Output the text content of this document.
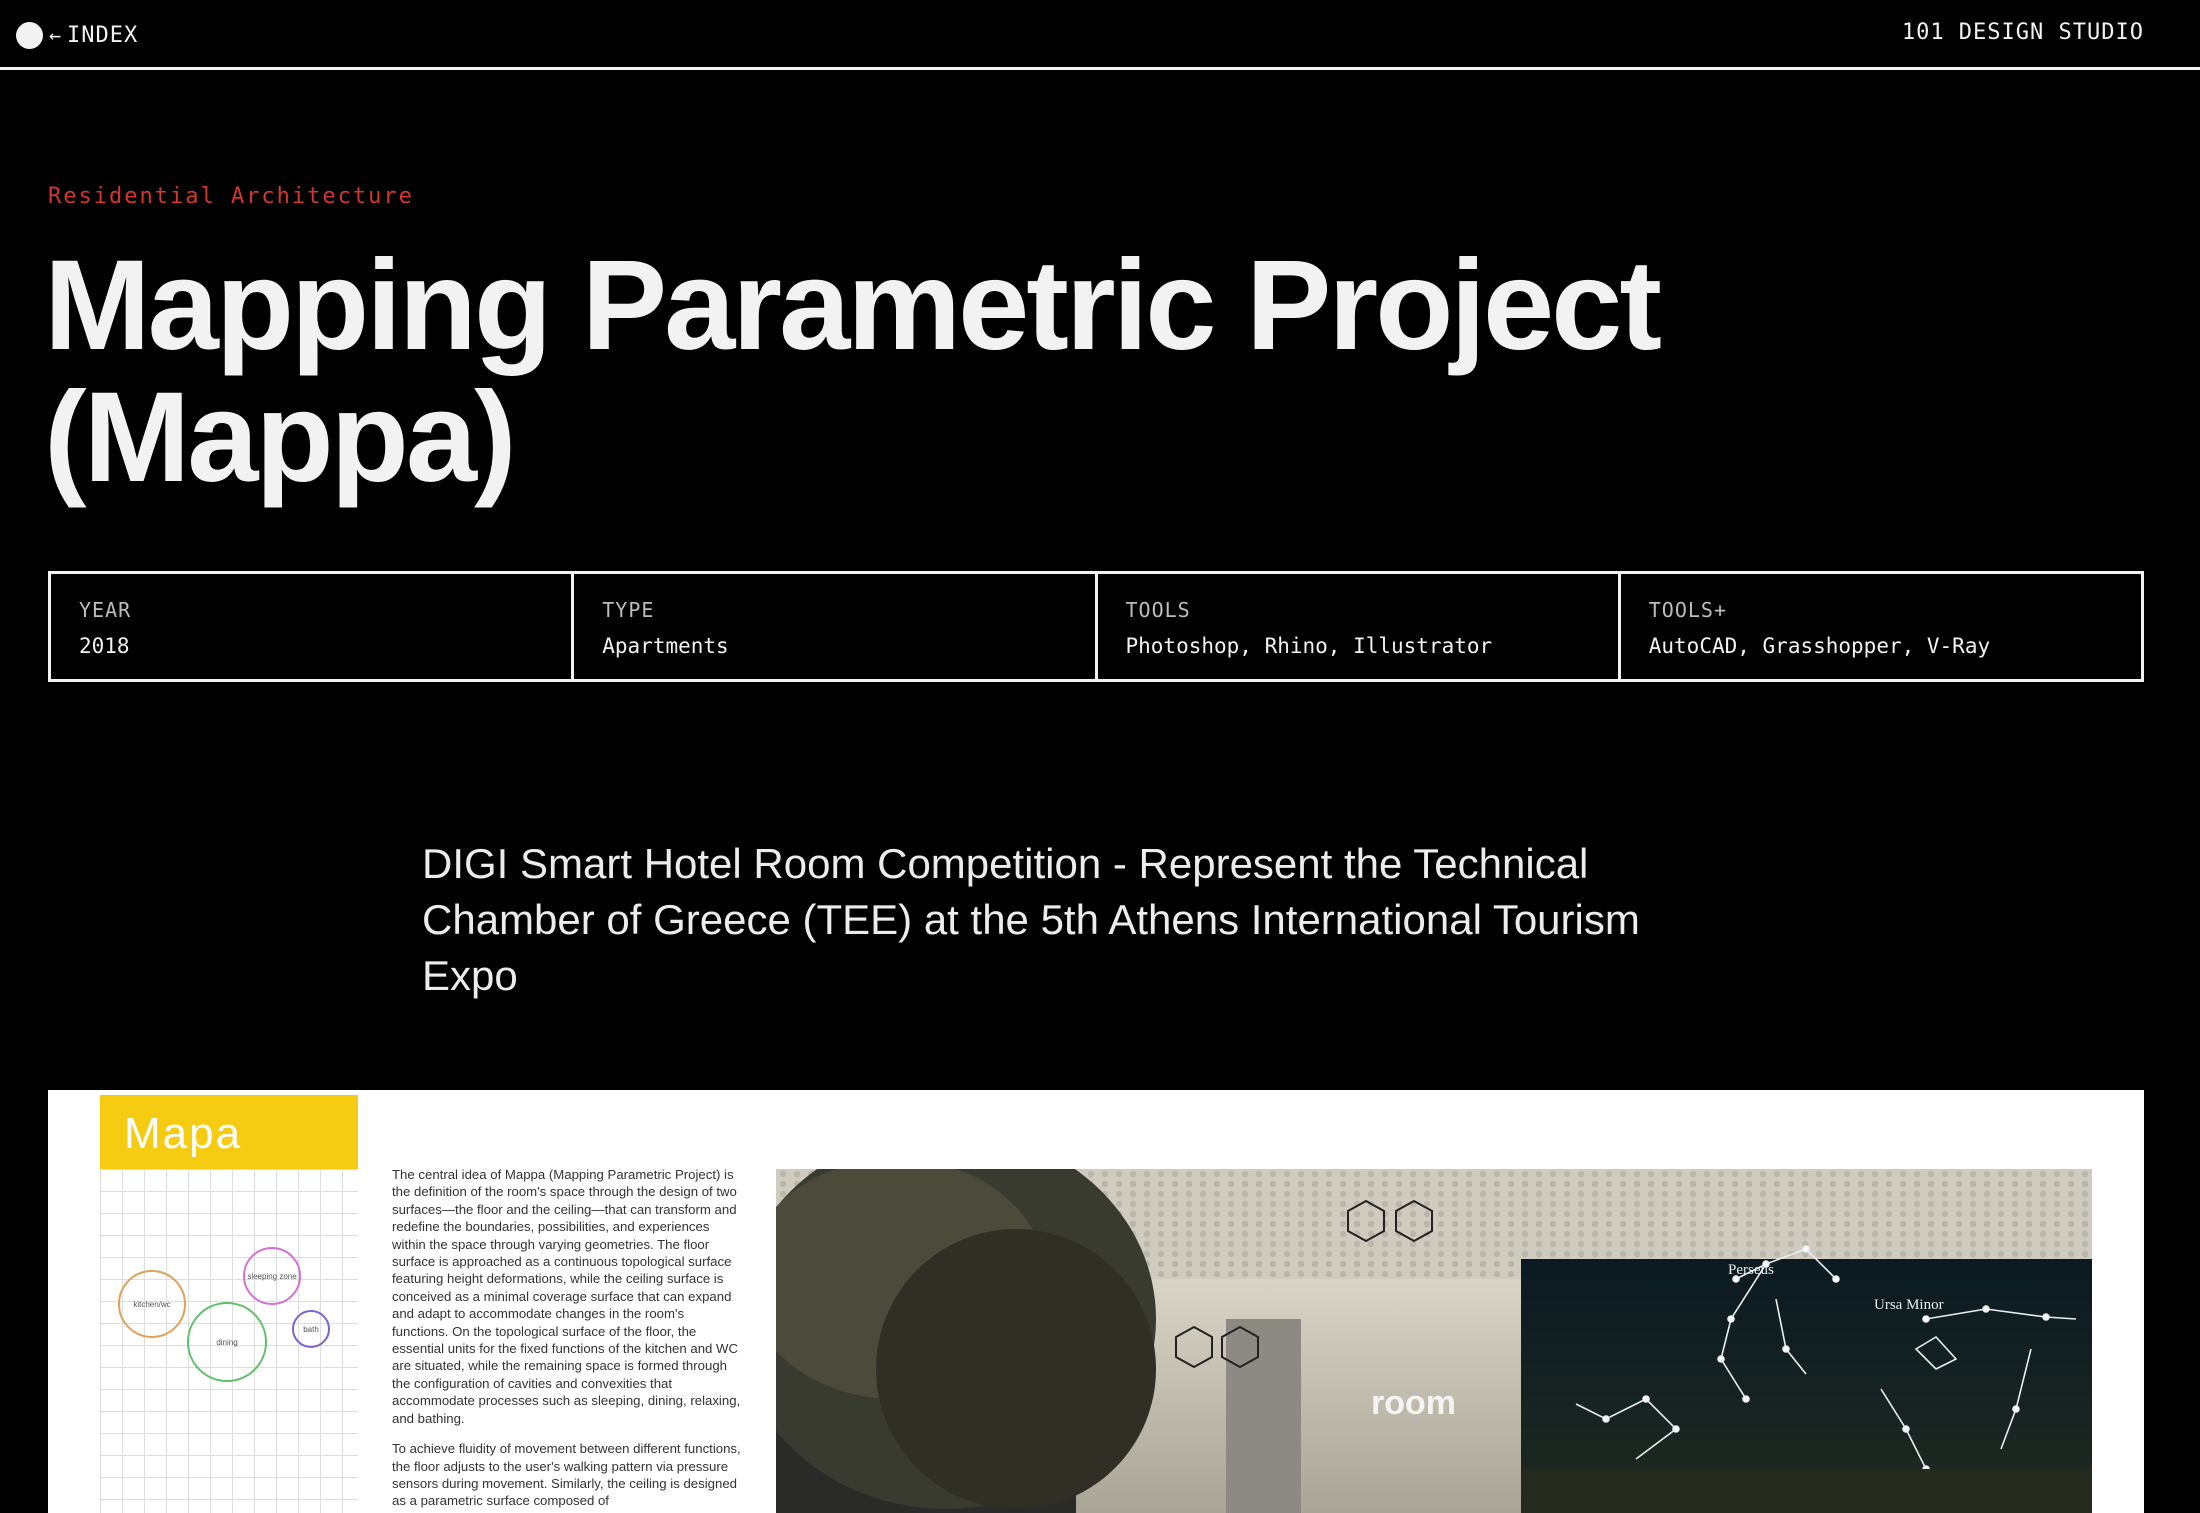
← INDEX	101 DESIGN STUDIO
Residential Architecture
Mapping Parametric Project (Mappa)
YEAR
2018
TYPE
Apartments
TOOLS
Photoshop, Rhino, Illustrator
TOOLS+
AutoCAD, Grasshopper, V-Ray

DIGI Smart Hotel Room Competition - Represent the Technical Chamber of Greece (TEE) at the 5th Athens International Tourism Expo

Mapa
kitchen/wc
sleeping zone
dining
bath

The central idea of Mappa (Mapping Parametric Project) is the definition of the room's space through the design of two surfaces—the floor and the ceiling—that can transform and redefine the boundaries, possibilities, and experiences within the space through varying geometries. The floor surface is approached as a continuous topological surface featuring height deformations, while the ceiling surface is conceived as a minimal coverage surface that can expand and adapt to accommodate changes in the room's functions. On the topological surface of the floor, the essential units for the fixed functions of the kitchen and WC are situated, while the remaining space is formed through the configuration of cavities and convexities that accommodate processes such as sleeping, dining, relaxing, and bathing.

To achieve fluidity of movement between different functions, the floor adjusts to the user's walking pattern via pressure sensors during movement. Similarly, the ceiling is designed as a parametric surface composed of

room
Perseus
Ursa Minor
